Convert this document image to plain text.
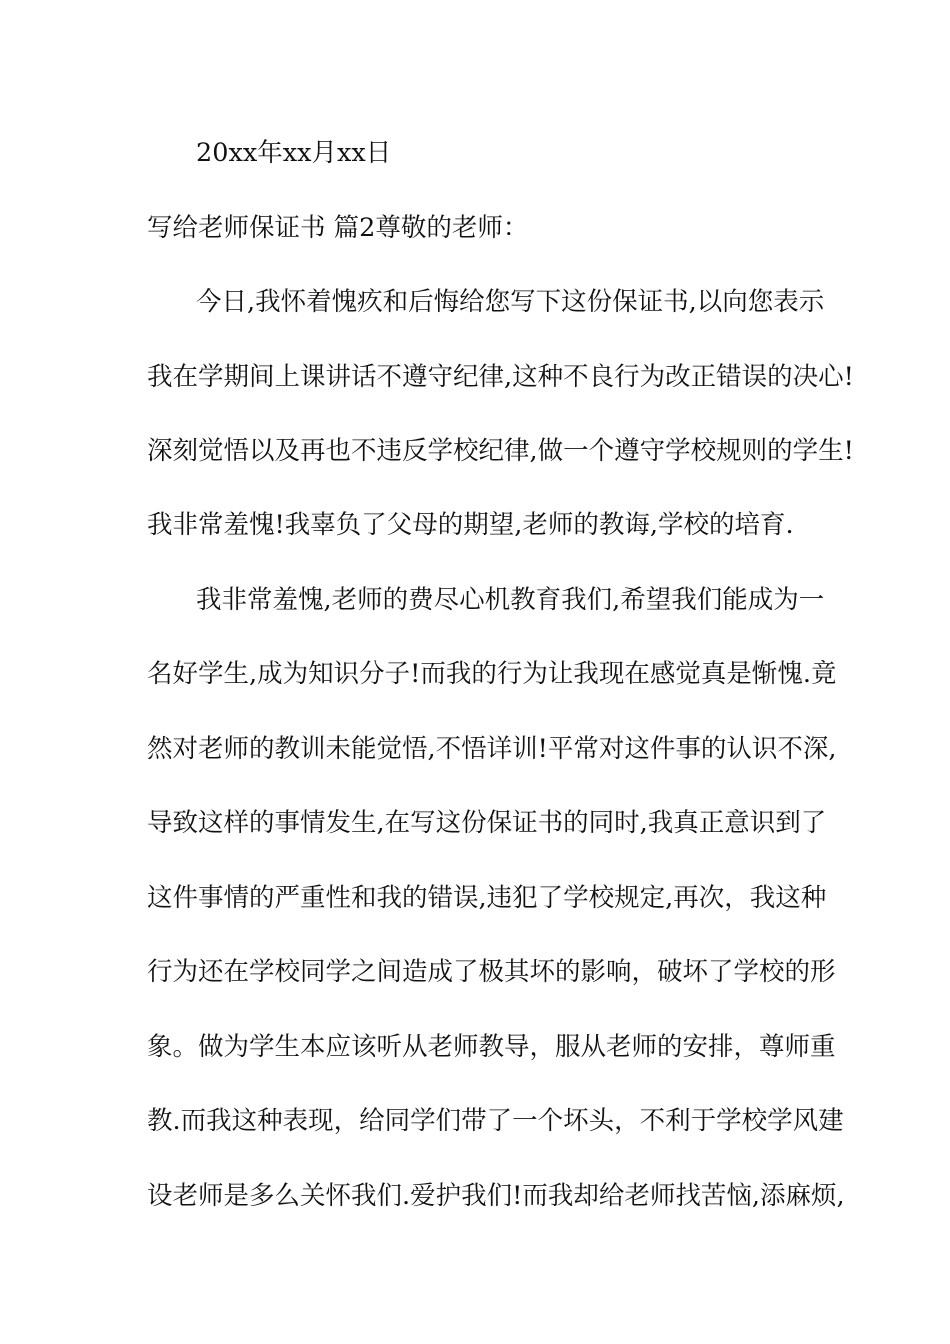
20xx年xx月xx日
写给老师保证书 篇2尊敬的老师：
今日,我怀着愧疚和后悔给您写下这份保证书,以向您表示
我在学期间上课讲话不遵守纪律,这种不良行为改正错误的决心!
深刻觉悟以及再也不违反学校纪律,做一个遵守学校规则的学生!
我非常羞愧!我辜负了父母的期望,老师的教诲,学校的培育.
我非常羞愧,老师的费尽心机教育我们,希望我们能成为一
名好学生,成为知识分子!而我的行为让我现在感觉真是惭愧.竟
然对老师的教训未能觉悟,不悟详训!平常对这件事的认识不深,
导致这样的事情发生,在写这份保证书的同时,我真正意识到了
这件事情的严重性和我的错误,违犯了学校规定,再次，我这种
行为还在学校同学之间造成了极其坏的影响，破坏了学校的形
象。做为学生本应该听从老师教导，服从老师的安排，尊师重
教.而我这种表现，给同学们带了一个坏头，不利于学校学风建
设老师是多么关怀我们.爱护我们!而我却给老师找苦恼,添麻烦,
